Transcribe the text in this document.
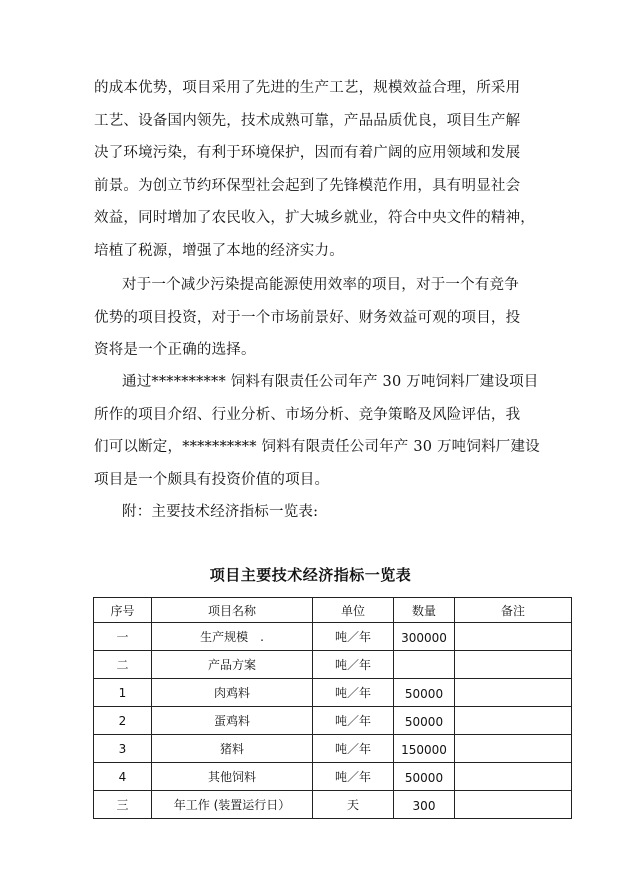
的成本优势，项目采用了先进的生产工艺，规模效益合理，所采用
工艺、设备国内领先，技术成熟可靠，产品品质优良，项目生产解
决了环境污染，有利于环境保护，因而有着广阔的应用领域和发展
前景。为创立节约环保型社会起到了先锋模范作用，具有明显社会
效益，同时增加了农民收入，扩大城乡就业，符合中央文件的精神，
培植了税源，增强了本地的经济实力。
对于一个减少污染提高能源使用效率的项目，对于一个有竞争
优势的项目投资，对于一个市场前景好、财务效益可观的项目，投
资将是一个正确的选择。
通过********** 饲料有限责任公司年产 30 万吨饲料厂建设项目
所作的项目介绍、行业分析、市场分析、竞争策略及风险评估，我
们可以断定，********** 饲料有限责任公司年产 30 万吨饲料厂建设
项目是一个颇具有投资价值的项目。
附：主要技术经济指标一览表:
项目主要技术经济指标一览表
序号	项目名称	单位	数量	备注
一	生产规模　.	吨／年	300000	
二	产品方案	吨／年		
1	肉鸡料	吨／年	50000	
2	蛋鸡料	吨／年	50000	
3	猪料	吨／年	150000	
4	其他饲料	吨／年	50000	
三	年工作 (装置运行日）	天	300	
